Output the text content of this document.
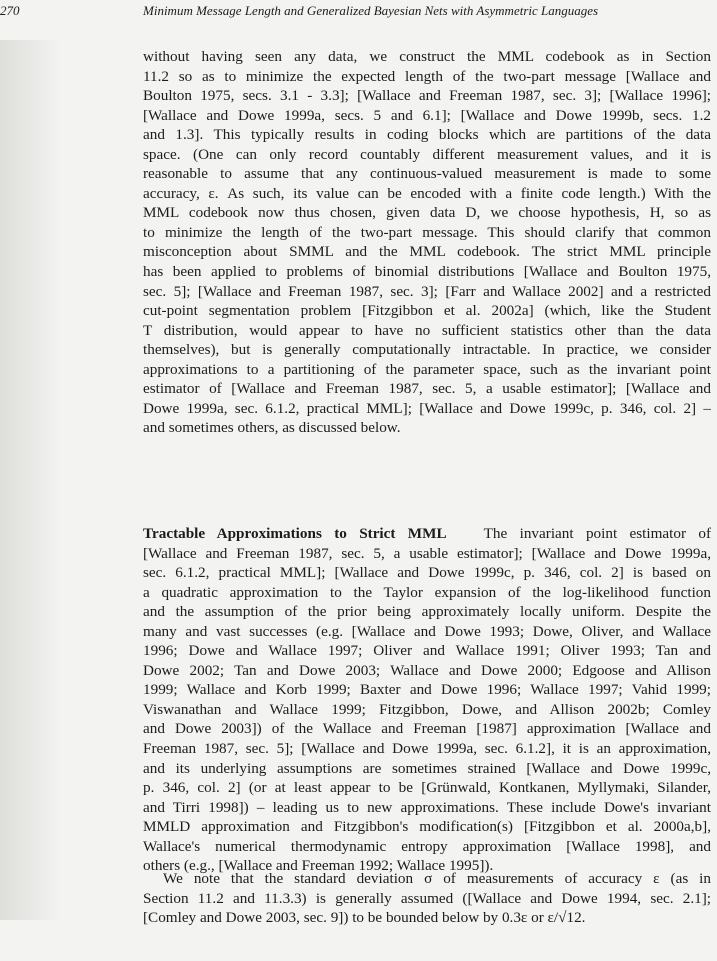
270	Minimum Message Length and Generalized Bayesian Nets with Asymmetric Languages
without having seen any data, we construct the MML codebook as in Section
11.2 so as to minimize the expected length of the two-part message [Wallace and
Boulton 1975, secs. 3.1 - 3.3]; [Wallace and Freeman 1987, sec. 3]; [Wallace 1996];
[Wallace and Dowe 1999a, secs. 5 and 6.1]; [Wallace and Dowe 1999b, secs. 1.2
and 1.3]. This typically results in coding blocks which are partitions of the data
space. (One can only record countably different measurement values, and it is
reasonable to assume that any continuous-valued measurement is made to some
accuracy, ε. As such, its value can be encoded with a finite code length.) With the
MML codebook now thus chosen, given data D, we choose hypothesis, H, so as
to minimize the length of the two-part message. This should clarify that common
misconception about SMML and the MML codebook. The strict MML principle
has been applied to problems of binomial distributions [Wallace and Boulton 1975,
sec. 5]; [Wallace and Freeman 1987, sec. 3]; [Farr and Wallace 2002] and a restricted
cut-point segmentation problem [Fitzgibbon et al. 2002a] (which, like the Student
T distribution, would appear to have no sufficient statistics other than the data
themselves), but is generally computationally intractable. In practice, we consider
approximations to a partitioning of the parameter space, such as the invariant point
estimator of [Wallace and Freeman 1987, sec. 5, a usable estimator]; [Wallace and
Dowe 1999a, sec. 6.1.2, practical MML]; [Wallace and Dowe 1999c, p. 346, col. 2] –
and sometimes others, as discussed below.
Tractable Approximations to Strict MML The invariant point estimator of
[Wallace and Freeman 1987, sec. 5, a usable estimator]; [Wallace and Dowe 1999a,
sec. 6.1.2, practical MML]; [Wallace and Dowe 1999c, p. 346, col. 2] is based on
a quadratic approximation to the Taylor expansion of the log-likelihood function
and the assumption of the prior being approximately locally uniform. Despite the
many and vast successes (e.g. [Wallace and Dowe 1993; Dowe, Oliver, and Wallace
1996; Dowe and Wallace 1997; Oliver and Wallace 1991; Oliver 1993; Tan and
Dowe 2002; Tan and Dowe 2003; Wallace and Dowe 2000; Edgoose and Allison
1999; Wallace and Korb 1999; Baxter and Dowe 1996; Wallace 1997; Vahid 1999;
Viswanathan and Wallace 1999; Fitzgibbon, Dowe, and Allison 2002b; Comley
and Dowe 2003]) of the Wallace and Freeman [1987] approximation [Wallace and
Freeman 1987, sec. 5]; [Wallace and Dowe 1999a, sec. 6.1.2], it is an approximation,
and its underlying assumptions are sometimes strained [Wallace and Dowe 1999c,
p. 346, col. 2] (or at least appear to be [Grünwald, Kontkanen, Myllymaki, Silander,
and Tirri 1998]) – leading us to new approximations. These include Dowe's invariant
MMLD approximation and Fitzgibbon's modification(s) [Fitzgibbon et al. 2000a,b],
Wallace's numerical thermodynamic entropy approximation [Wallace 1998], and
others (e.g., [Wallace and Freeman 1992; Wallace 1995]).
We note that the standard deviation σ of measurements of accuracy ε (as in
Section 11.2 and 11.3.3) is generally assumed ([Wallace and Dowe 1994, sec. 2.1];
[Comley and Dowe 2003, sec. 9]) to be bounded below by 0.3ε or ε/√12.
